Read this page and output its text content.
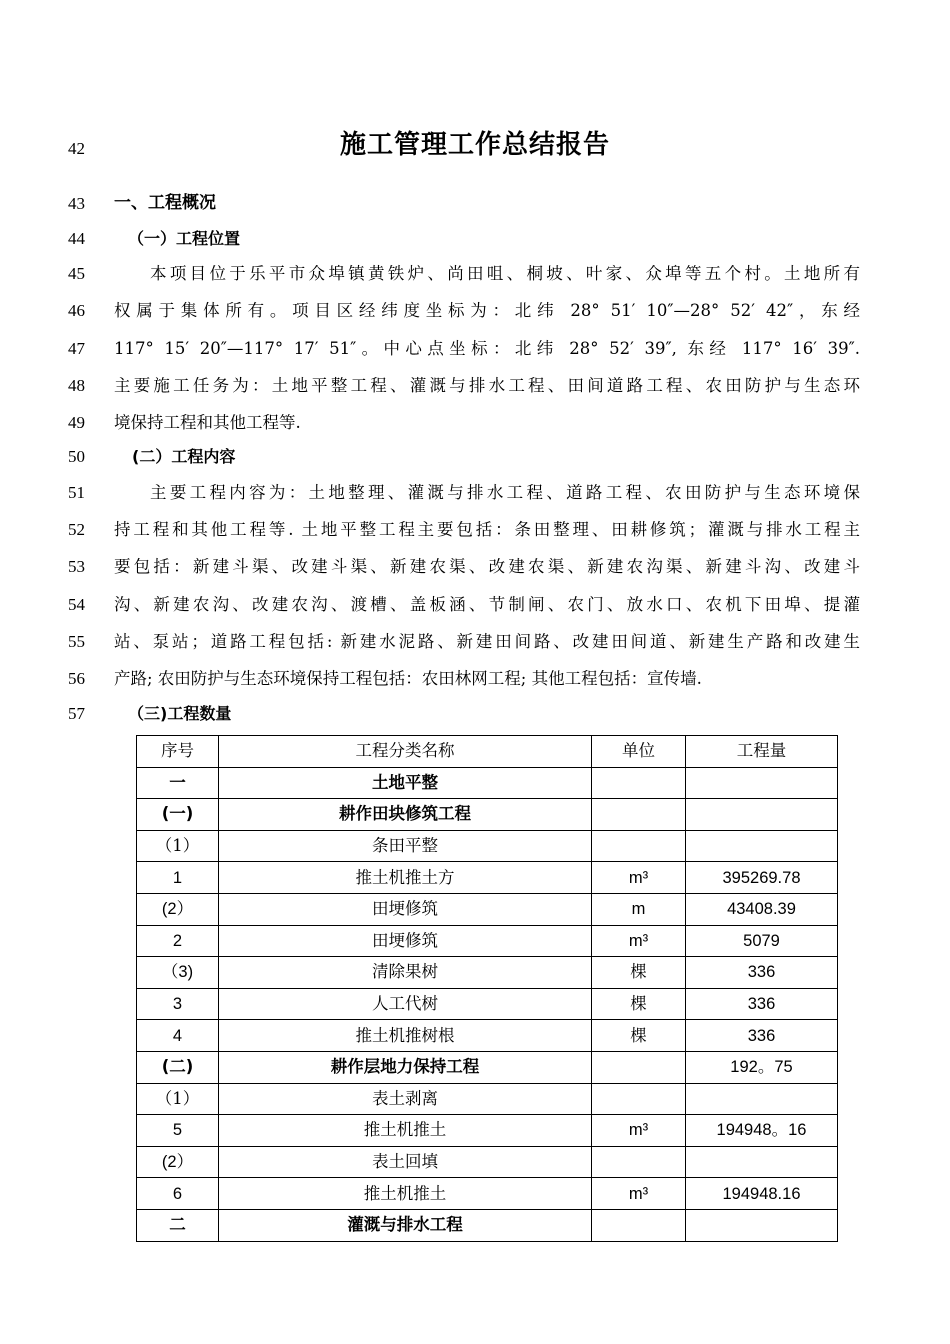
42
43
44
45
46
47
48
49
50
51
52
53
54
55
56
57
施工管理工作总结报告
一、工程概况
（一）工程位置
本项目位于乐平市众埠镇黄铁炉、尚田咀、桐坡、叶家、众埠等五个村。土地所有
权属于集体所有。项目区经纬度坐标为：北纬 28° 51′ 10″—28° 52′ 42″，东经
117° 15′ 20″—117° 17′ 51″。中心点坐标：北纬 28° 52′ 39″, 东经 117° 16′ 39″.
主要施工任务为：土地平整工程、灌溉与排水工程、田间道路工程、农田防护与生态环
境保持工程和其他工程等.
(二）工程内容
主要工程内容为：土地整理、灌溉与排水工程、道路工程、农田防护与生态环境保
持工程和其他工程等. 土地平整工程主要包括：条田整理、田耕修筑；灌溉与排水工程主
要包括：新建斗渠、改建斗渠、新建农渠、改建农渠、新建农沟渠、新建斗沟、改建斗
沟、新建农沟、改建农沟、渡槽、盖板涵、节制闸、农门、放水口、农机下田埠、提灌
站、泵站；道路工程包括: 新建水泥路、新建田间路、改建田间道、新建生产路和改建生
产路; 农田防护与生态环境保持工程包括：农田林网工程; 其他工程包括：宣传墙.
（三)工程数量
序号	工程分类名称	单位	工程量
一	土地平整		
(一)	耕作田块修筑工程		
（1）	条田平整		
1	推土机推土方	m³	395269.78
(2）	田埂修筑	m	43408.39
2	田埂修筑	m³	5079
（3)	清除果树	棵	336
3	人工代树	棵	336
4	推土机推树根	棵	336
(二)	耕作层地力保持工程		192。75
（1）	表土剥离		
5	推土机推土	m³	194948。16
(2）	表土回填		
6	推土机推土	m³	194948.16
二	灌溉与排水工程		
